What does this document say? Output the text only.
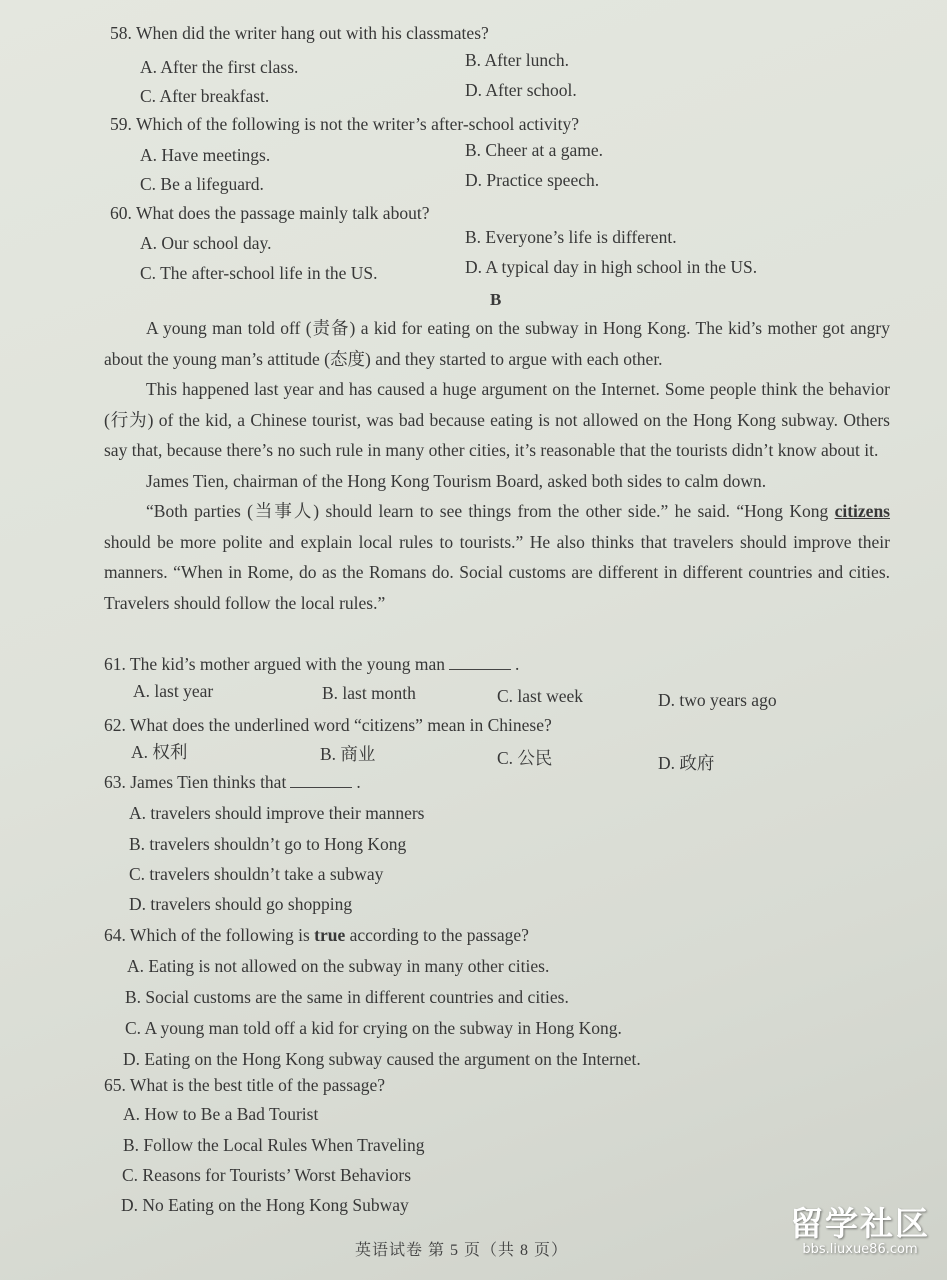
58. When did the writer hang out with his classmates?
A. After the first class.	B. After lunch.
C. After breakfast.	D. After school.
59. Which of the following is not the writer’s after-school activity?
A. Have meetings.	B. Cheer at a game.
C. Be a lifeguard.	D. Practice speech.
60. What does the passage mainly talk about?
A. Our school day.	B. Everyone’s life is different.
C. The after-school life in the US.	D. A typical day in high school in the US.
B

A young man told off (责备) a kid for eating on the subway in Hong Kong. The kid’s mother got angry about the young man’s attitude (态度) and they started to argue with each other.

This happened last year and has caused a huge argument on the Internet. Some people think the behavior (行为) of the kid, a Chinese tourist, was bad because eating is not allowed on the Hong Kong subway. Others say that, because there’s no such rule in many other cities, it’s reasonable that the tourists didn’t know about it.

James Tien, chairman of the Hong Kong Tourism Board, asked both sides to calm down.

“Both parties (当事人) should learn to see things from the other side.” he said. “Hong Kong citizens should be more polite and explain local rules to tourists.” He also thinks that travelers should improve their manners. “When in Rome, do as the Romans do. Social customs are different in different countries and cities. Travelers should follow the local rules.”

61. The kid’s mother argued with the young man	.
A. last year	B. last month	C. last week	D. two years ago
62. What does the underlined word “citizens” mean in Chinese?
A. 权利	B. 商业	C. 公民	D. 政府
63. James Tien thinks that	.
A. travelers should improve their manners
B. travelers shouldn’t go to Hong Kong
C. travelers shouldn’t take a subway
D. travelers should go shopping
64. Which of the following is true according to the passage?
A. Eating is not allowed on the subway in many other cities.
B. Social customs are the same in different countries and cities.
C. A young man told off a kid for crying on the subway in Hong Kong.
D. Eating on the Hong Kong subway caused the argument on the Internet.
65. What is the best title of the passage?
A. How to Be a Bad Tourist
B. Follow the Local Rules When Traveling
C. Reasons for Tourists’ Worst Behaviors
D. No Eating on the Hong Kong Subway
英语试卷 第 5 页（共 8 页）
留学社区
bbs.liuxue86.com
